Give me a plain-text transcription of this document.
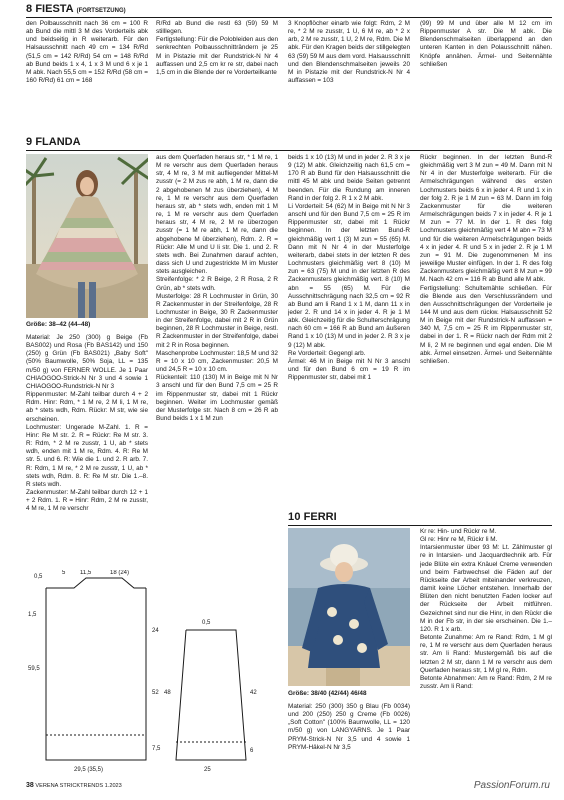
8 FIESTA (FORTSETZUNG)
den Polbausschnitt nach 36 cm = 100 R ab Bund die mittl 3 M des Vorderteils abk und beidseitig in R weiterarb. Für den Halsausschnitt nach 49 cm = 134 R/Rd (51,5 cm = 142 R/Rd) 54 cm = 148 R/Rd ab Bund beids 1 x 4, 1 x 3 M und 6 x je 1 M abk. Nach 55,5 cm = 152 R/Rd (58 cm = 160 R/Rd) 61 cm = 168
R/Rd ab Bund die restl 63 (59) 59 M stilllegen.
Fertigstellung: Für die Polobleiden aus den senkrechten Polbausschnitträndern je 25 M in Pistazie mit der Rundstrick-N Nr 4 auffassen und 2,5 cm kr re str, dabei nach 1,5 cm in die Blende der re Vorderteilkante
3 Knopflöcher einarb wie folgt: Rdm, 2 M re, * 2 M re zusstr, 1 U, 6 M re, ab * 2 x arb, 2 M re zusstr, 1 U, 2 M re, Rdm. Die M abk. Für den Kragen beids der stillgelegten 63 (59) 59 M aus dem vord. Halsausschnitt und den Blendenschmalseiten jeweils 20 M in Pistazie mit der Rundstrick-N Nr 4 auffassen = 103
(99) 99 M und über alle M 12 cm im Rippenmuster A str. Die M abk. Die Blendenschmalseiten überlappend an den unteren Kanten in den Polausschnitt nähen. Knöpfe annähen. Ärmel- und Seitennähte schließen
9 FLANDA
Größe: 38–42 (44–48)
Material: Je 250 (300) g Beige (Fb BAS002) und Rosa (Fb BAS142) und 150 (250) g Grün (Fb BAS021) „Baby Soft" (50% Baumwolle, 50% Soja, LL = 135 m/50 g) von FERNER WOLLE. Je 1 Paar CHIAOGOO-Strick-N Nr 3 und 4 sowie 1 CHIAOGOO-Rundstrick-N Nr 3
Rippenmuster: M-Zahl teilbar durch 4 + 2 Rdm. Hinr: Rdm, * 1 M re, 2 M li, 1 M re, ab * stets wdh, Rdm. Rückr: M str, wie sie erscheinen.
Lochmuster: Ungerade M-Zahl. 1. R = Hinr: Re M str. 2. R = Rückr: Re M str. 3. R: Rdm, * 2 M re zusstr, 1 U, ab * stets wdh, enden mit 1 M re, Rdm. 4. R: Re M str. 5. und 6. R: Wie die 1. und 2. R arb. 7. R: Rdm, 1 M re, * 2 M re zusstr, 1 U, ab * stets wdh, Rdm. 8. R: Re M str. Die 1.–8. R stets wdh.
Zackenmuster: M-Zahl teilbar durch 12 + 1 + 2 Rdm. 1. R = Hinr: Rdm, 2 M re zusstr, 4 M re, 1 M re verschr
0,5
1,5
11,5	18 (24)
5
24
59,5
52
7,5
29,5 (35,5)
48	42
6
0,5
25
aus dem Querfaden heraus str, * 1 M re, 1 M re verschr aus dem Querfaden heraus str, 4 M re, 3 M mit aufliegender Mittel-M zusstr (= 2 M zus re abh, 1 M re, dann die 2 abgehobenen M zus überziehen), 4 M re, 1 M re verschr aus dem Querfaden heraus str, ab * stets wdh, enden mit 1 M re, 1 M re verschr aus dem Querfaden heraus str, 4 M re, 2 M re überzogen zusstr (= 1 M re abh, 1 M re, dann die abgehobene M überziehen), Rdm. 2. R = Rückr: Alle M und U li str. Die 1. und 2. R stets wdh. Bei Zunahmen darauf achten, dass sich U und zugestrickte M im Muster stets ausgleichen.
Streifenfolge: * 2 R Beige, 2 R Rosa, 2 R Grün, ab * stets wdh.
Musterfolge: 28 R Lochmuster in Grün, 30 R Zackenmuster in der Streifenfolge, 28 R Lochmuster in Beige, 30 R Zackenmuster in der Streifenfolge, dabei mit 2 R in Grün beginnen, 28 R Lochmuster in Beige, restl. R Zackenmuster in der Streifenfolge, dabei mit 2 R in Rosa beginnen.
Maschenprobe Lochmuster: 18,5 M und 32 R = 10 x 10 cm, Zackenmuster: 20,5 M und 24,5 R = 10 x 10 cm.
Rückenteil: 110 (130) M in Beige mit N Nr 3 anschl und für den Bund 7,5 cm = 25 R im Rippenmuster str, dabei mit 1 Rückr beginnen. Weiter im Lochmuster gemäß der Musterfolge str. Nach 8 cm = 26 R ab Bund beids 1 x 1 M zun
beids 1 x 10 (13) M und in jeder 2. R 3 x je 9 (12) M abk. Gleichzeitig nach 61,5 cm = 170 R ab Bund für den Halsausschnitt die mittl 45 M abk und beide Seiten getrennt beenden. Für die Rundung am inneren Rand in der folg 2. R 1 x 2 M abk.
Li Vorderteil: 54 (62) M in Beige mit N Nr 3 anschl und für den Bund 7,5 cm = 25 R im Rippenmuster str, dabei mit 1 Rückr beginnen. In der letzten Bund-R gleichmäßig vert 1 (3) M zun = 55 (65) M. Dann mit N Nr 4 in der Musterfolge weiterarb, dabei stets in der letzten R des Lochmusters gleichmäßig vert 8 (10) M zun = 63 (75) M und in der letzten R des Zackenmusters gleichmäßig vert. 8 (10) M abn = 55 (65) M. Für die Ausschnittschrägung nach 32,5 cm = 92 R ab Bund am li Rand 1 x 1 M, dann 11 x in jeder 2. R und 14 x in jeder 4. R je 1 M abk. Gleichzeitig für die Schulterschrägung nach 60 cm = 166 R ab Bund am äußeren Rand 1 x 10 (13) M und in jeder 2. R 3 x je 9 (12) M abk.
Re Vorderteil: Gegengl arb.
Ärmel: 46 M in Beige mit N Nr 3 anschl und für den Bund 6 cm = 19 R im Rippenmuster str, dabei mit 1
Rückr beginnen. In der letzten Bund-R gleichmäßig vert 3 M zun = 49 M. Dann mit N Nr 4 in der Musterfolge weiterarb. Für die Armelschrägungen während des ersten Lochmusters beids 6 x in jeder 4. R und 1 x in der folg 2. R je 1 M zun = 63 M. Dann im folg Zackenmuster für die weiteren Armelschrägungen beids 7 x in jeder 4. R je 1 M zun = 77 M. In der 1. R des folg Lochmusters gleichmäßig vert 4 M abn = 73 M und für die weiteren Armelschrägungen beids 4 x in jeder 4. R und 5 x in jeder 2. R je 1 M zun = 91 M. Die zugenommenen M ins jeweilige Muster einfügen. In der 1. R des folg Zackenmusters gleichmäßig vert 8 M zun = 99 M. Nach 42 cm = 116 R ab Bund alle M abk.
Fertigstellung: Schultemähte schließen. Für die Blende aus den Verschlussrändern und den Ausschnittschrägungen der Vorderteile je 144 M und aus dem rückw. Halsausschnitt 52 M in Beige mit der Rundstrick-N auffassen = 340 M, 7,5 cm = 25 R im Rippenmuster str, dabei in der 1. R = Rückr nach der Rdm mit 2 M li, 2 M re beginnen und egal enden. Die M abk. Ärmel einsetzen. Ärmel- und Seitennähte schließen.
10 FERRI
Größe: 38/40 (42/44) 46/48
Material: 250 (300) 350 g Blau (Fb 0034) und 200 (250) 250 g Creme (Fb 0026) „Soft Cotton" (100% Baumwolle, LL = 120 m/50 g) von LANGYARNS. Je 1 Paar PRYM-Strick-N Nr 3,5 und 4 sowie 1 PRYM-Häkel-N Nr 3,5
Kr re: Hin- und Rückr re M.
Gl re: Hinr re M, Rückr li M.
Intarsienmuster über 93 M: Lt. Zählmuster gl re in Intarsien- und Jacquardtechnik arb. Für jede Blüte ein extra Knäuel Creme verwenden und beim Farbwechsel die Fäden auf der Rückseite der Arbeit miteinander verkreuzen, damit keine Löcher entstehen. Innerhalb der Blüten den nicht benutzten Faden locker auf der Rückseite der Arbeit mitführen. Gezeichnet sind nur die Hinr, in den Rückr die M in der Fb str, in der sie erscheinen. Die 1.–120. R 1 x arb.
Betonte Zunahme: Am re Rand: Rdm, 1 M gl re, 1 M re verschr aus dem Querfaden heraus str. Am li Rand: Mustergemäß bis auf die letzten 2 M str, dann 1 M re verschr aus dem Querfaden heraus str, 1 M gl re, Rdm.
Betonte Abnahmen: Am re Rand: Rdm, 2 M re zusstr. Am li Rand:
38 VERENA STRICKTRENDS 1.2023	PassionForum.ru
